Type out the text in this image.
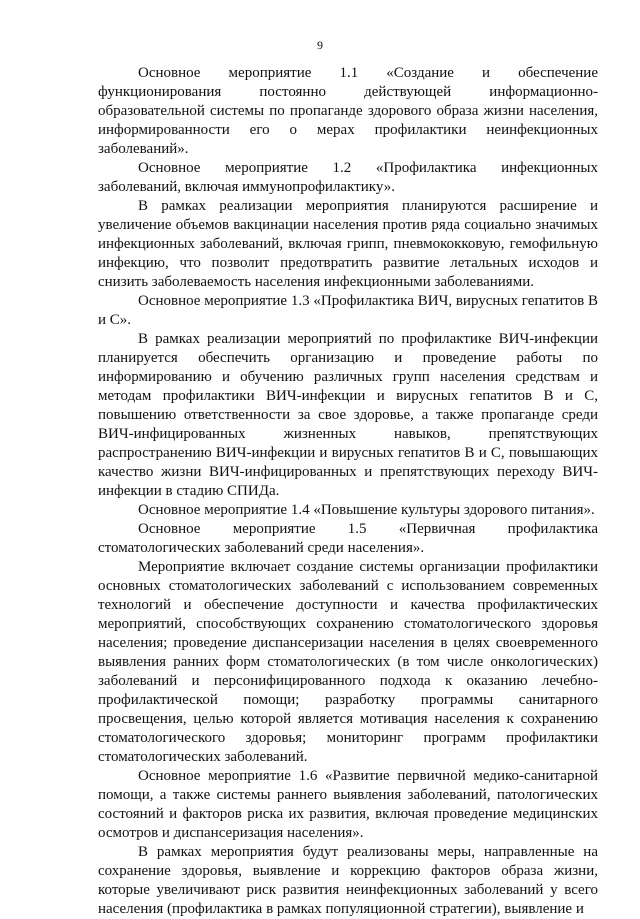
9

Основное мероприятие 1.1 «Создание и обеспечение функционирования постоянно действующей информационно-образовательной системы по пропаганде здорового образа жизни населения, информированности его о мерах профилактики неинфекционных заболеваний».

Основное мероприятие 1.2 «Профилактика инфекционных заболеваний, включая иммунопрофилактику».

В рамках реализации мероприятия планируются расширение и увеличение объемов вакцинации населения против ряда социально значимых инфекционных заболеваний, включая грипп, пневмококковую, гемофильную инфекцию, что позволит предотвратить развитие летальных исходов и снизить заболеваемость населения инфекционными заболеваниями.

Основное мероприятие 1.3 «Профилактика ВИЧ, вирусных гепатитов В и С».

В рамках реализации мероприятий по профилактике ВИЧ-инфекции планируется обеспечить организацию и проведение работы по информированию и обучению различных групп населения средствам и методам профилактики ВИЧ-инфекции и вирусных гепатитов В и С, повышению ответственности за свое здоровье, а также пропаганде среди ВИЧ-инфицированных жизненных навыков, препятствующих распространению ВИЧ-инфекции и вирусных гепатитов В и С, повышающих качество жизни ВИЧ-инфицированных и препятствующих переходу ВИЧ-инфекции в стадию СПИДа.

Основное мероприятие 1.4 «Повышение культуры здорового питания».

Основное мероприятие 1.5 «Первичная профилактика стоматологических заболеваний среди населения».

Мероприятие включает создание системы организации профилактики основных стоматологических заболеваний с использованием современных технологий и обеспечение доступности и качества профилактических мероприятий, способствующих сохранению стоматологического здоровья населения; проведение диспансеризации населения в целях своевременного выявления ранних форм стоматологических (в том числе онкологических) заболеваний и персонифицированного подхода к оказанию лечебно-профилактической помощи; разработку программы санитарного просвещения, целью которой является мотивация населения к сохранению стоматологического здоровья; мониторинг программ профилактики стоматологических заболеваний.

Основное мероприятие 1.6 «Развитие первичной медико-санитарной помощи, а также системы раннего выявления заболеваний, патологических состояний и факторов риска их развития, включая проведение медицинских осмотров и диспансеризация населения».

В рамках мероприятия будут реализованы меры, направленные на сохранение здоровья, выявление и коррекцию факторов образа жизни, которые увеличивают риск развития неинфекционных заболеваний у всего населения (профилактика в рамках популяционной стратегии), выявление и
